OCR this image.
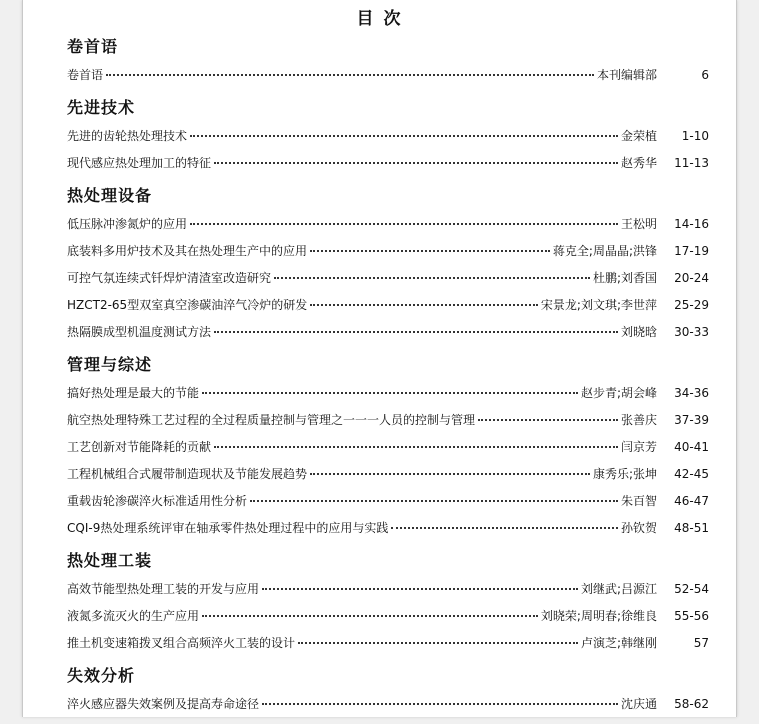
目 次
卷首语
卷首语	本刊编辑部	6
先进技术
先进的齿轮热处理技术	金荣植	1-10
现代感应热处理加工的特征	赵秀华	11-13
热处理设备
低压脉冲渗氮炉的应用	王松明	14-16
底装料多用炉技术及其在热处理生产中的应用	蒋克全;周晶晶;洪锋	17-19
可控气氛连续式钎焊炉清渣室改造研究	杜鹏;刘香国	20-24
HZCT2-65型双室真空渗碳油淬气冷炉的研发	宋景龙;刘文琪;李世萍	25-29
热隔膜成型机温度测试方法	刘晓晗	30-33
管理与综述
搞好热处理是最大的节能	赵步青;胡会峰	34-36
航空热处理特殊工艺过程的全过程质量控制与管理之一一一人员的控制与管理	张善庆	37-39
工艺创新对节能降耗的贡献	闫京芳	40-41
工程机械组合式履带制造现状及节能发展趋势	康秀乐;张坤	42-45
重载齿轮渗碳淬火标准适用性分析	朱百智	46-47
CQI-9热处理系统评审在轴承零件热处理过程中的应用与实践	孙钦贺	48-51
热处理工装
高效节能型热处理工装的开发与应用	刘继武;吕源江	52-54
液氮多流灭火的生产应用	刘晓荣;周明春;徐维良	55-56
推土机变速箱拨叉组合高频淬火工装的设计	卢演芝;韩继刚	57
失效分析
淬火感应器失效案例及提高寿命途径	沈庆通	58-62
